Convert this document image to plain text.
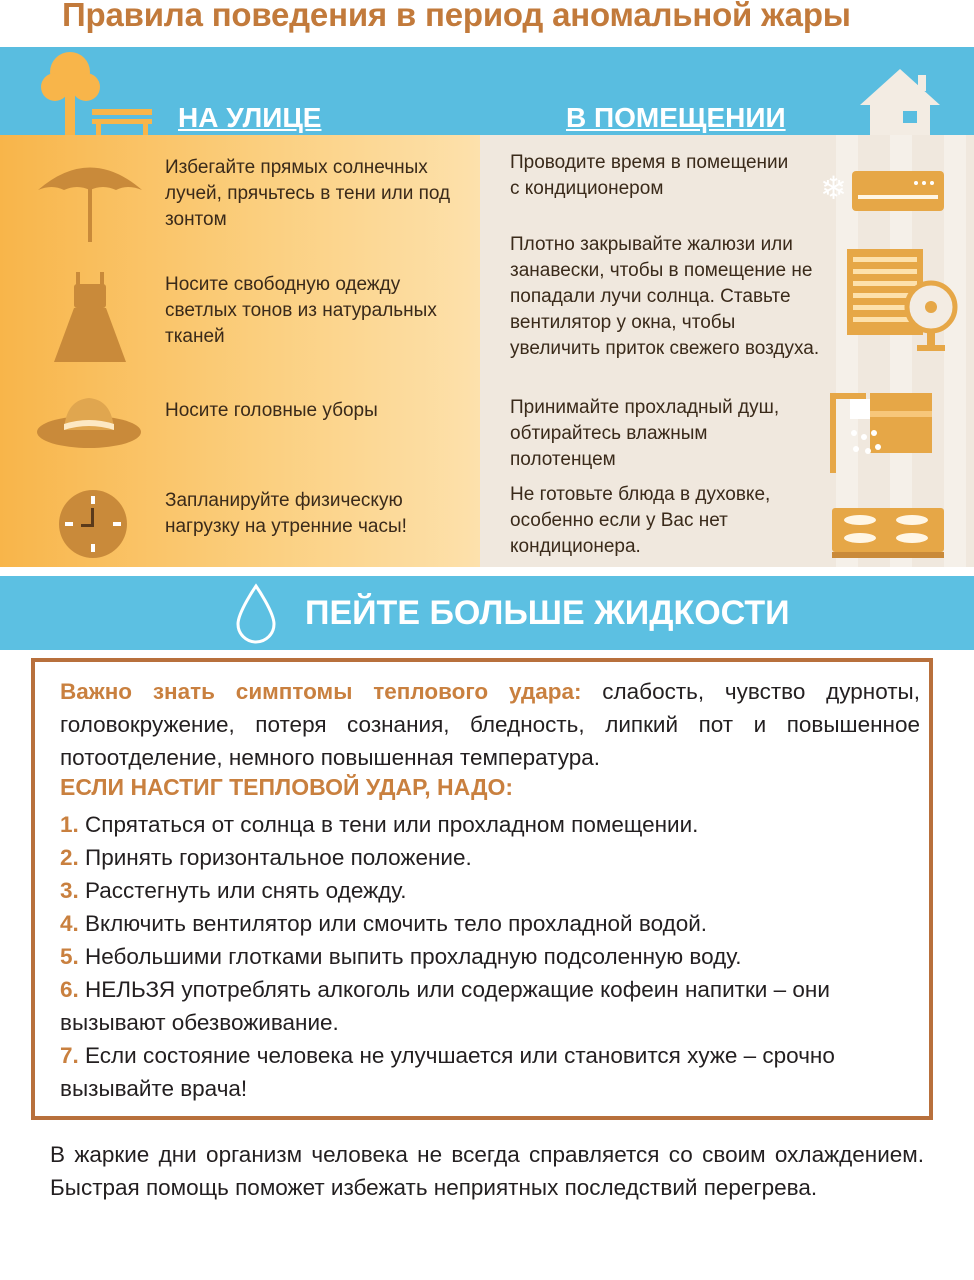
Правила поведения в период аномальной жары
НА УЛИЦЕ	В ПОМЕЩЕНИИ
Избегайте прямых солнечных лучей, прячьтесь в тени или под зонтом
Носите свободную одежду светлых тонов из натуральных тканей
Носите головные уборы
Запланируйте физическую нагрузку на утренние часы!
Проводите время в помещении с кондиционером
Плотно закрывайте жалюзи или занавески, чтобы в помещение не попадали лучи солнца. Ставьте вентилятор у окна, чтобы увеличить приток свежего воздуха.
Принимайте прохладный душ, обтирайтесь влажным полотенцем
Не готовьте блюда в духовке, особенно если у Вас нет кондиционера.
❄
ПЕЙТЕ БОЛЬШЕ ЖИДКОСТИ
Важно знать симптомы теплового удара: слабость, чувство дурноты, головокружение, потеря сознания, бледность, липкий пот и повышенное потоотделение, немного повышенная температура.
ЕСЛИ НАСТИГ ТЕПЛОВОЙ УДАР, НАДО:
1. Спрятаться от солнца в тени или прохладном помещении.
2. Принять горизонтальное положение.
3. Расстегнуть или снять одежду.
4. Включить вентилятор или смочить тело прохладной водой.
5. Небольшими глотками выпить прохладную подсоленную воду.
6. НЕЛЬЗЯ употреблять алкоголь или содержащие кофеин напитки – они вызывают обезвоживание.
7. Если состояние человека не улучшается или становится хуже – срочно вызывайте врача!
В жаркие дни организм человека не всегда справляется со своим охлаждением. Быстрая помощь поможет избежать неприятных последствий перегрева.
